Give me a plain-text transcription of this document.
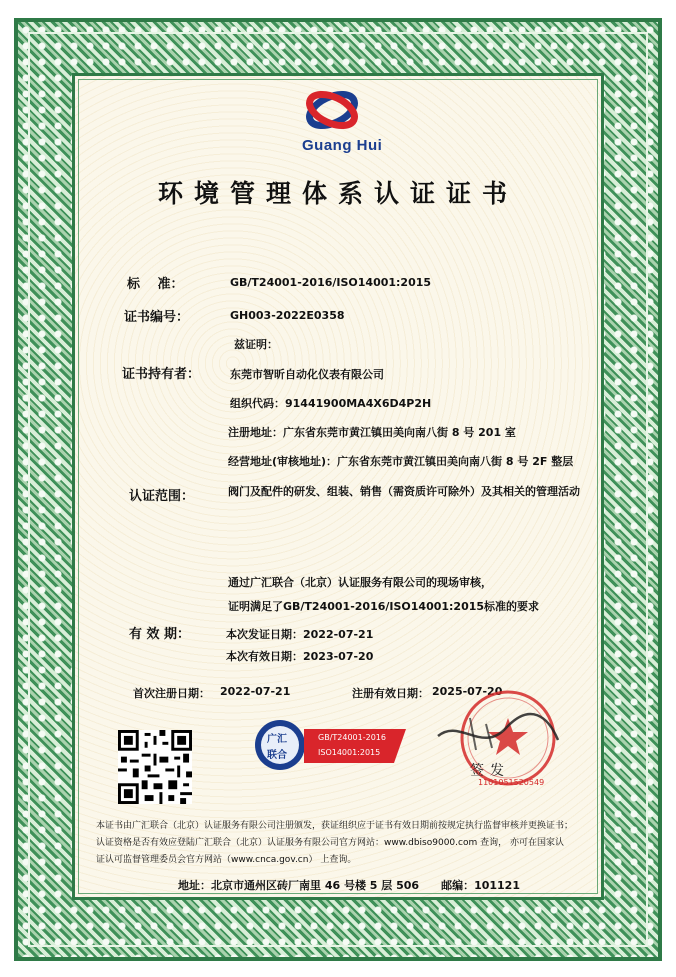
Guang Hui
环境管理体系认证证书
标　 准：	GB/T24001-2016/ISO14001:2015
证书编号：	GH003-2022E0358
兹证明：
证书持有者：	东莞市智昕自动化仪表有限公司
组织代码：91441900MA4X6D4P2H
注册地址：广东省东莞市黄江镇田美向南八街 8 号 201 室
经营地址(审核地址)：广东省东莞市黄江镇田美向南八街 8 号 2F 整层
认证范围：	阀门及配件的研发、组装、销售（需资质许可除外）及其相关的管理活动
通过广汇联合（北京）认证服务有限公司的现场审核，
证明满足了GB/T24001-2016/ISO14001:2015标准的要求
有 效 期：	本次发证日期：2022-07-21
本次有效日期：2023-07-20
首次注册日期： 2022-07-21	注册有效日期： 2025-07-20
广汇
联合
GB/T24001-2016
ISO14001:2015
1101051520549
签发
本证书由广汇联合（北京）认证服务有限公司注册颁发，获证组织应于证书有效日期前按规定执行监督审核并更换证书；
认证资格是否有效应登陆广汇联合（北京）认证服务有限公司官方网站：www.dbiso9000.com 查询， 亦可在国家认
证认可监督管理委员会官方网站（www.cnca.gov.cn） 上查询。
地址：北京市通州区砖厂南里 46 号楼 5 层 506　　邮编：101121
